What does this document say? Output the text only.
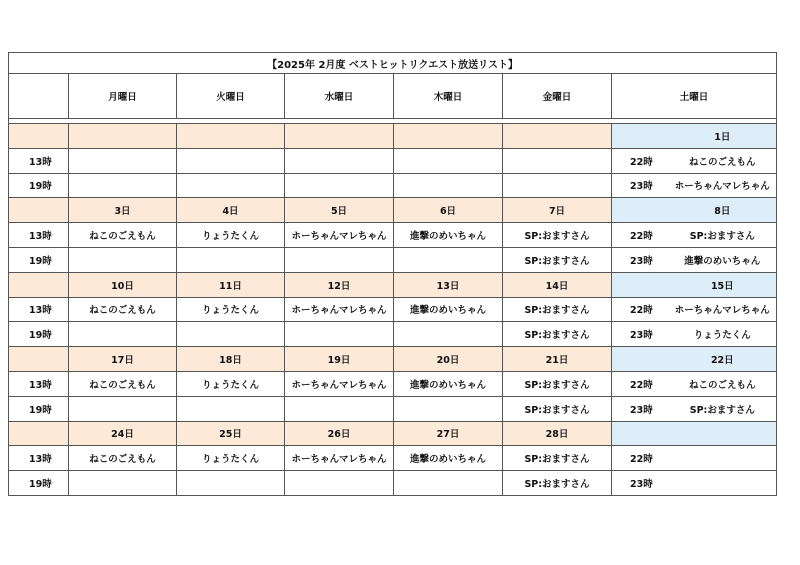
【2025年 2月度 ベストヒットリクエスト放送リスト】							
	月曜日	火曜日	水曜日	木曜日	金曜日	土曜日	

							1日
13時						22時	ねこのごえもん
19時						23時	ホーちゃんマレちゃん
	3日	4日	5日	6日	7日		8日
13時	ねこのごえもん	りょうたくん	ホーちゃんマレちゃん	進撃のめいちゃん	SP:おますさん	22時	SP:おますさん
19時					SP:おますさん	23時	進撃のめいちゃん
	10日	11日	12日	13日	14日		15日
13時	ねこのごえもん	りょうたくん	ホーちゃんマレちゃん	進撃のめいちゃん	SP:おますさん	22時	ホーちゃんマレちゃん
19時					SP:おますさん	23時	りょうたくん
	17日	18日	19日	20日	21日		22日
13時	ねこのごえもん	りょうたくん	ホーちゃんマレちゃん	進撃のめいちゃん	SP:おますさん	22時	ねこのごえもん
19時					SP:おますさん	23時	SP:おますさん
	24日	25日	26日	27日	28日		
13時	ねこのごえもん	りょうたくん	ホーちゃんマレちゃん	進撃のめいちゃん	SP:おますさん	22時	
19時					SP:おますさん	23時	
